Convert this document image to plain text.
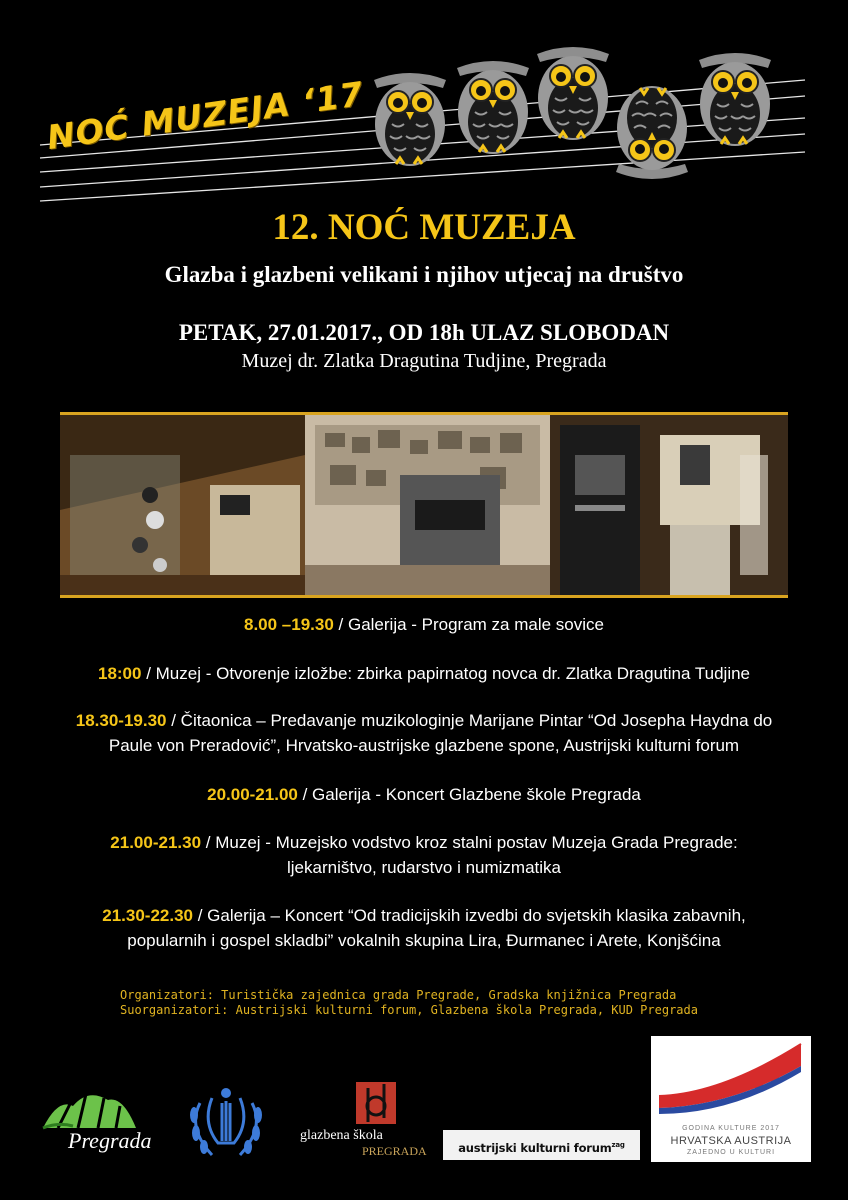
NOĆ MUZEJA ‘17
12. NOĆ MUZEJA
Glazba i glazbeni velikani i njihov utjecaj na društvo
PETAK, 27.01.2017., OD 18h ULAZ SLOBODAN
Muzej dr. Zlatka Dragutina Tudjine, Pregrada
8.00 –19.30 / Galerija - Program za male sovice
18:00 / Muzej - Otvorenje izložbe: zbirka papirnatog novca dr. Zlatka Dragutina Tudjine
18.30-19.30 / Čitaonica – Predavanje muzikologinje Marijane Pintar “Od Josepha Haydna do
Paule von Preradović”, Hrvatsko-austrijske glazbene spone, Austrijski kulturni forum
20.00-21.00 / Galerija - Koncert Glazbene škole Pregrada
21.00-21.30 / Muzej - Muzejsko vodstvo kroz stalni postav Muzeja Grada Pregrade:
ljekarništvo, rudarstvo i numizmatika
21.30-22.30 / Galerija – Koncert “Od tradicijskih izvedbi do svjetskih klasika zabavnih,
popularnih i gospel skladbi” vokalnih skupina Lira, Đurmanec i Arete, Konjšćina
Organizatori: Turistička zajednica grada Pregrade, Gradska knjižnica Pregrada
Suorganizatori: Austrijski kulturni forum, Glazbena škola Pregrada, KUD Pregrada
Pregrada	glazbena škola
PREGRADA	austrijski kulturni forum$^{zag}$
GODINA KULTURE 2017
HRVATSKA AUSTRIJA
ZAJEDNO U KULTURI
